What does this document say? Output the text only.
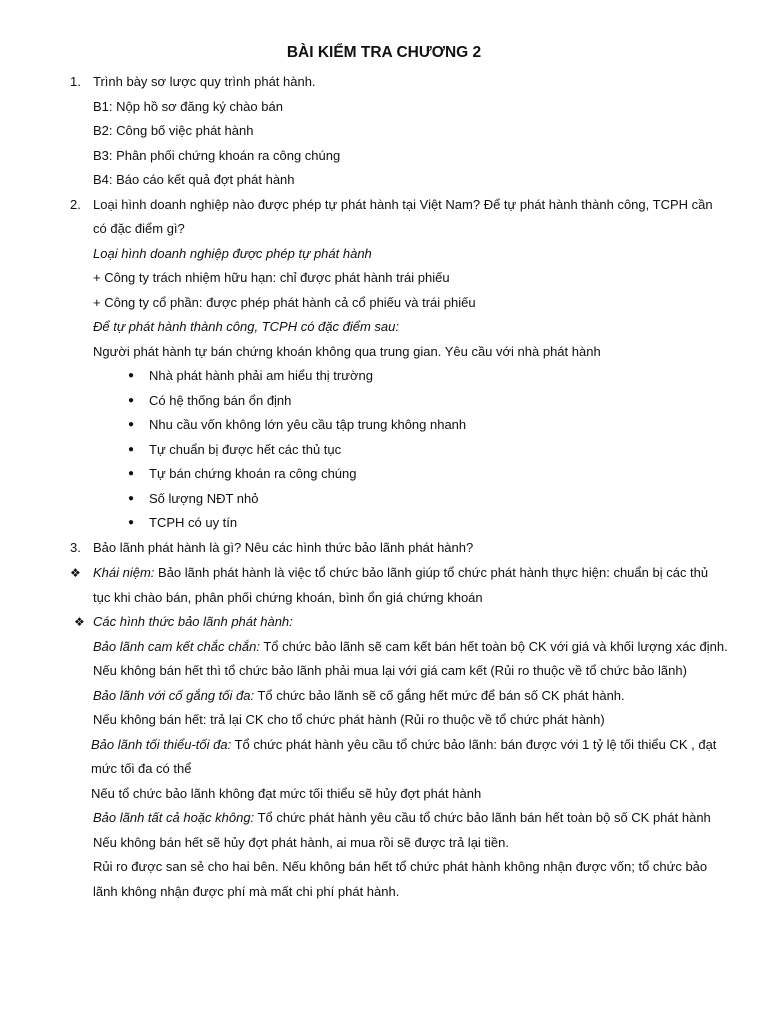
BÀI KIỂM TRA CHƯƠNG 2
1. Trình bày sơ lược quy trình phát hành.
B1: Nộp hồ sơ đăng ký chào bán
B2: Công bố việc phát hành
B3: Phân phối chứng khoán ra công chúng
B4: Báo cáo kết quả đợt phát hành
2. Loại hình doanh nghiệp nào được phép tự phát hành tại Việt Nam? Để tự phát hành thành công, TCPH cần
có đặc điểm gì?
Loại hình doanh nghiệp được phép tự phát hành
+ Công ty trách nhiệm hữu hạn: chỉ được phát hành trái phiếu
+ Công ty cổ phần: được phép phát hành cả cổ phiếu và trái phiếu
Để tự phát hành thành công, TCPH có đặc điểm sau:
Người phát hành tự bán chứng khoán không qua trung gian. Yêu cầu với nhà phát hành
● Nhà phát hành phải am hiểu thị trường
● Có hệ thống bán ổn định
● Nhu cầu vốn không lớn yêu cầu tập trung không nhanh
● Tự chuẩn bị được hết các thủ tục
● Tự bán chứng khoán ra công chúng
● Số lượng NĐT nhỏ
● TCPH có uy tín
3. Bảo lãnh phát hành là gì? Nêu các hình thức bảo lãnh phát hành?
❖ Khái niệm: Bảo lãnh phát hành là việc tổ chức bảo lãnh giúp tổ chức phát hành thực hiện: chuẩn bị các thủ
tục khi chào bán, phân phối chứng khoán, bình ổn giá chứng khoán
❖ Các hình thức bảo lãnh phát hành:
Bảo lãnh cam kết chắc chắn: Tổ chức bảo lãnh sẽ cam kết bán hết toàn bộ CK với giá và khối lượng xác định.
Nếu không bán hết thì tổ chức bảo lãnh phải mua lại với giá cam kết (Rủi ro thuộc về tổ chức bảo lãnh)
Bảo lãnh với cố gắng tối đa: Tổ chức bảo lãnh sẽ cố gắng hết mức để bán số CK phát hành.
Nếu không bán hết: trả lại CK cho tổ chức phát hành (Rủi ro thuộc về tổ chức phát hành)
Bảo lãnh tối thiểu-tối đa: Tổ chức phát hành yêu cầu tổ chức bảo lãnh: bán được với 1 tỷ lệ tối thiểu CK , đạt
mức tối đa có thể
Nếu tổ chức bảo lãnh không đạt mức tối thiểu sẽ hủy đợt phát hành
Bảo lãnh tất cả hoặc không: Tổ chức phát hành yêu cầu tổ chức bảo lãnh bán hết toàn bộ số CK phát hành
Nếu không bán hết sẽ hủy đợt phát hành, ai mua rồi sẽ được trả lại tiền.
Rủi ro được san sẻ cho hai bên. Nếu không bán hết tổ chức phát hành không nhận được vốn; tổ chức bảo
lãnh không nhận được phí mà mất chi phí phát hành.
